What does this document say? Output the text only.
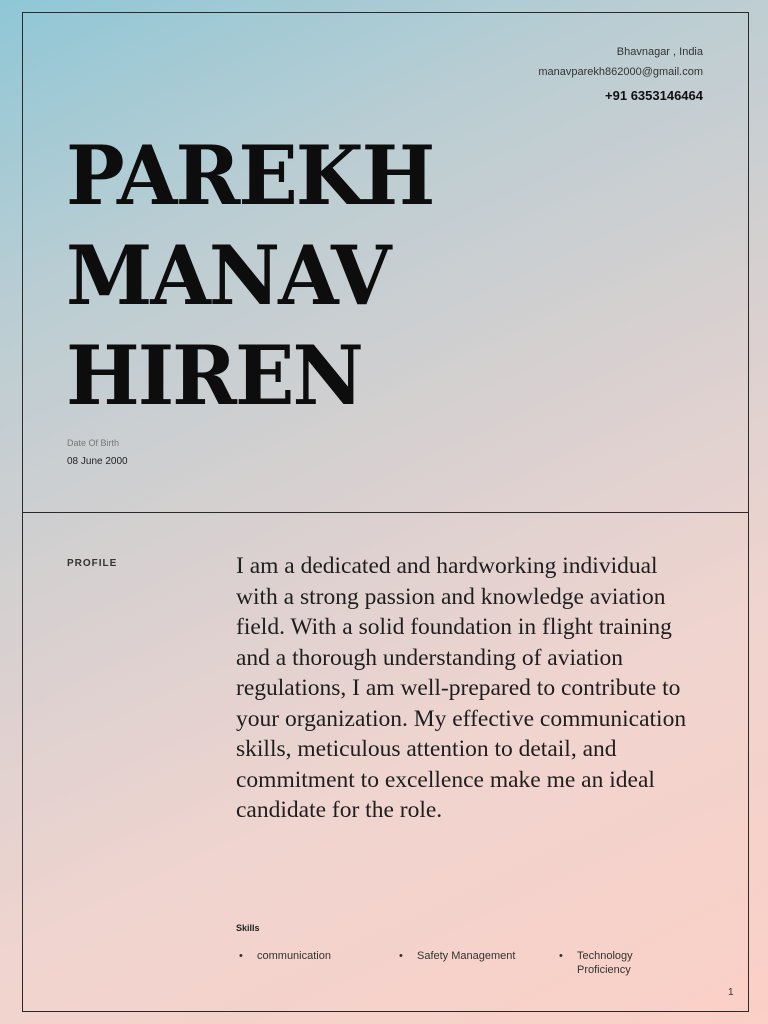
Bhavnagar , India
manavparekh862000@gmail.com
+91 6353146464
PAREKH
MANAV
HIREN
Date Of Birth
08 June 2000
PROFILE	I am a dedicated and hardworking individual with a strong passion and knowledge aviation field. With a solid foundation in flight training and a thorough understanding of aviation regulations, I am well-prepared to contribute to your organization. My effective communication skills, meticulous attention to detail, and commitment to excellence make me an ideal candidate for the role.
Skills
• communication	• Safety Management	• Technology Proficiency
1
